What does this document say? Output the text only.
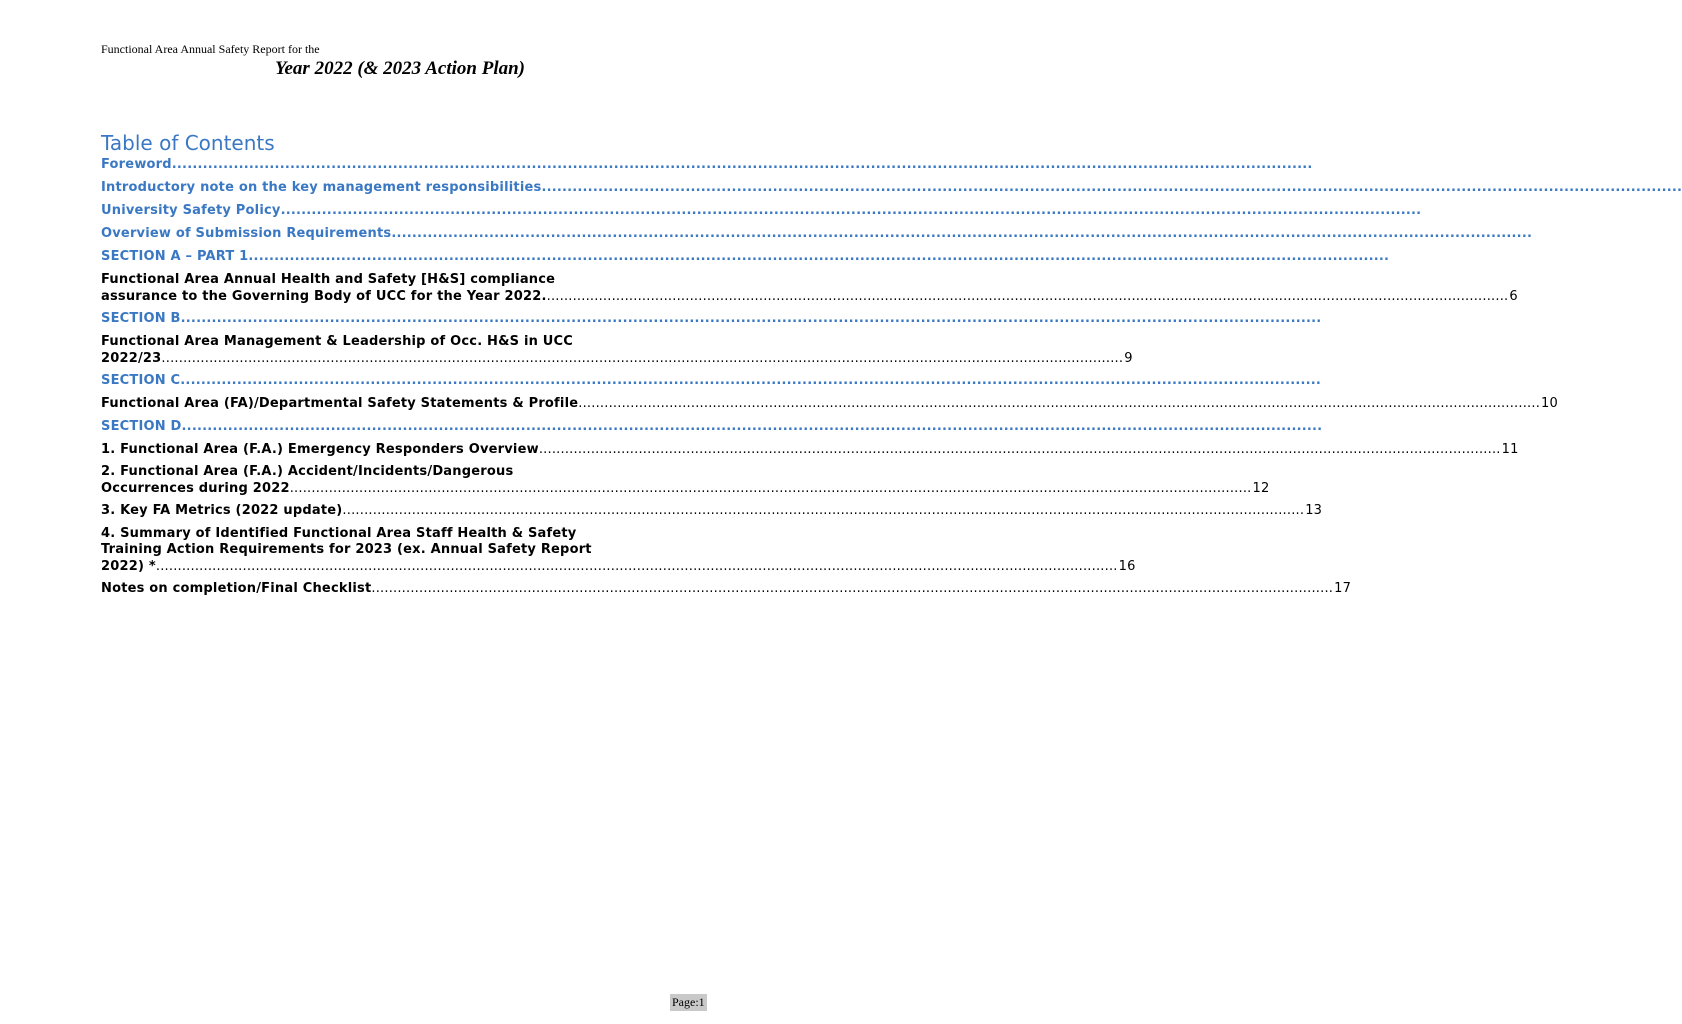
Functional Area Annual Safety Report for the
Year 2022 (& 2023 Action Plan)
Table of Contents
Foreword ..............................................................................................................................................................................................................................
Introductory note on the key management responsibilities ..............................................................................................................................................................................................................................
University Safety Policy ..............................................................................................................................................................................................................................
Overview of Submission Requirements ..............................................................................................................................................................................................................................
SECTION A – PART 1 ..............................................................................................................................................................................................................................
Functional Area Annual Health and Safety [H&S] compliance
assurance to the Governing Body of UCC for the Year 2022. .............................................................................................................................................................................................................................. 6
SECTION B ..............................................................................................................................................................................................................................
Functional Area Management & Leadership of Occ. H&S in UCC
2022/23 .............................................................................................................................................................................................................................. 9
SECTION C ..............................................................................................................................................................................................................................
Functional Area (FA)/Departmental Safety Statements & Profile .............................................................................................................................................................................................................................. 10
SECTION D ..............................................................................................................................................................................................................................
1. Functional Area (F.A.) Emergency Responders Overview .............................................................................................................................................................................................................................. 11
2. Functional Area (F.A.) Accident/Incidents/Dangerous
Occurrences during 2022 .............................................................................................................................................................................................................................. 12
3. Key FA Metrics (2022 update) .............................................................................................................................................................................................................................. 13
4. Summary of Identified Functional Area Staff Health & Safety
Training Action Requirements for 2023 (ex. Annual Safety Report
2022) * .............................................................................................................................................................................................................................. 16
Notes on completion/Final Checklist .............................................................................................................................................................................................................................. 17
Page:1
